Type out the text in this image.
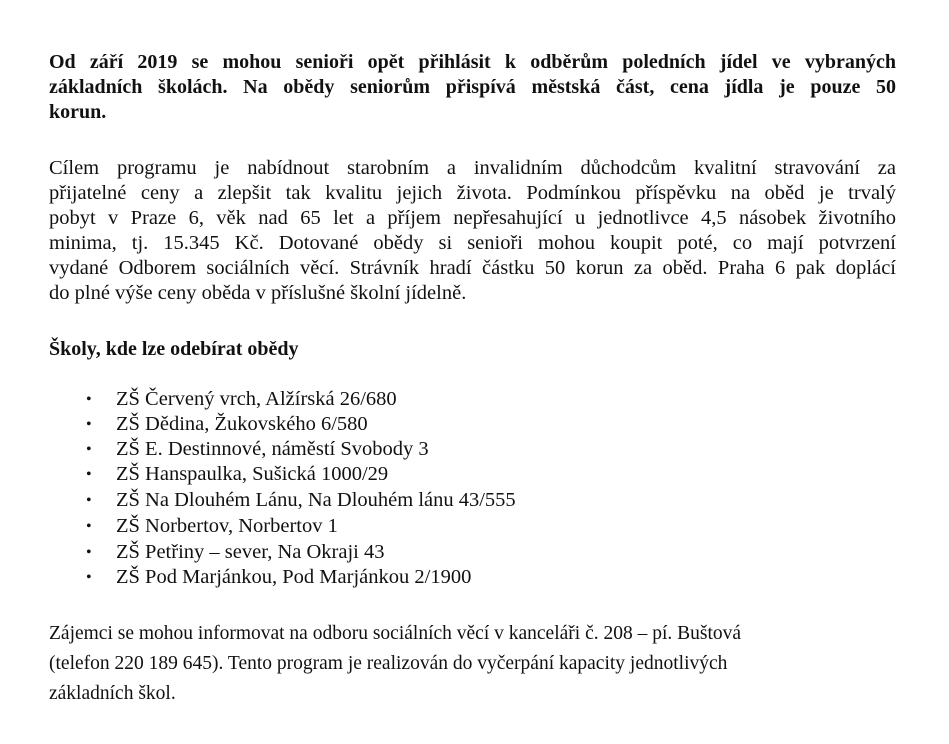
Od září 2019 se mohou senioři opět přihlásit k odběrům poledních jídel ve vybraných
základních školách. Na obědy seniorům přispívá městská část, cena jídla je pouze 50
korun.
Cílem programu je nabídnout starobním a invalidním důchodcům kvalitní stravování za
přijatelné ceny a zlepšit tak kvalitu jejich života. Podmínkou příspěvku na oběd je trvalý
pobyt v Praze 6, věk nad 65 let a příjem nepřesahující u jednotlivce 4,5 násobek životního
minima, tj. 15.345 Kč. Dotované obědy si senioři mohou koupit poté, co mají potvrzení
vydané Odborem sociálních věcí. Strávník hradí částku 50 korun za oběd. Praha 6 pak doplácí
do plné výše ceny oběda v příslušné školní jídelně.
Školy, kde lze odebírat obědy
• ZŠ Červený vrch, Alžírská 26/680
• ZŠ Dědina, Žukovského 6/580
• ZŠ E. Destinnové, náměstí Svobody 3
• ZŠ Hanspaulka, Sušická 1000/29
• ZŠ Na Dlouhém Lánu, Na Dlouhém lánu 43/555
• ZŠ Norbertov, Norbertov 1
• ZŠ Petřiny – sever, Na Okraji 43
• ZŠ Pod Marjánkou, Pod Marjánkou 2/1900
Zájemci se mohou informovat na odboru sociálních věcí v kanceláři č. 208 – pí. Buštová
(telefon 220 189 645). Tento program je realizován do vyčerpání kapacity jednotlivých
základních škol.
